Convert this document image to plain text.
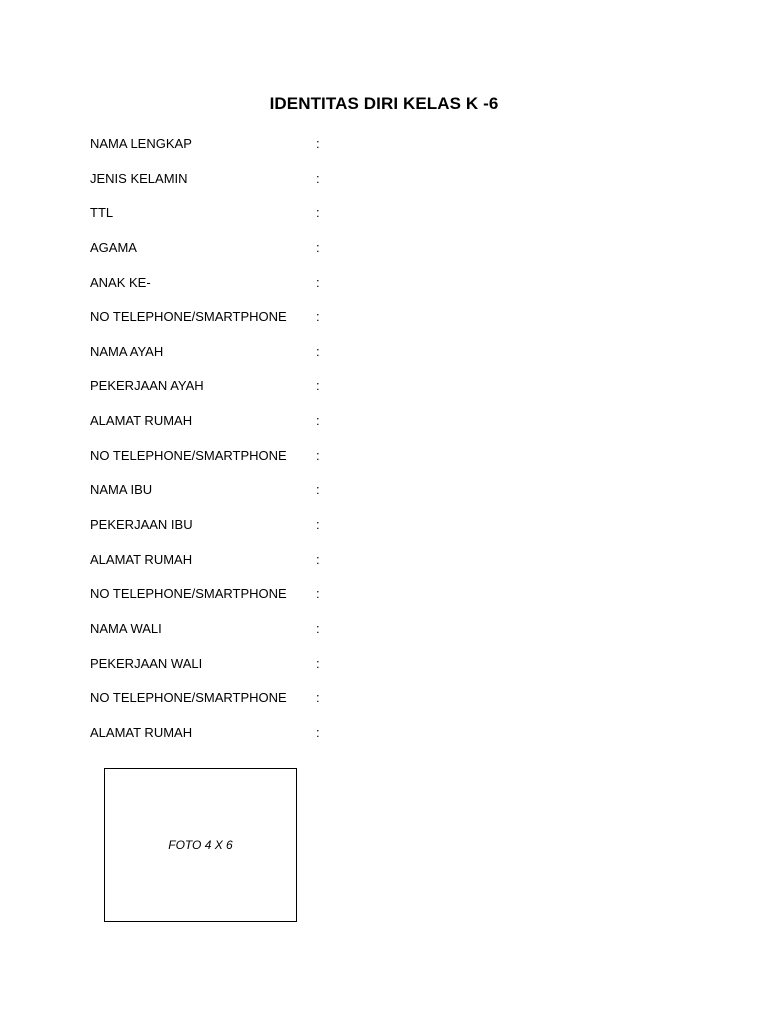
IDENTITAS DIRI KELAS K -6
NAMA LENGKAP	:
JENIS KELAMIN	:
TTL	:
AGAMA	:
ANAK KE-	:
NO TELEPHONE/SMARTPHONE :
NAMA AYAH	:
PEKERJAAN AYAH	:
ALAMAT RUMAH	:
NO TELEPHONE/SMARTPHONE :
NAMA IBU	:
PEKERJAAN IBU	:
ALAMAT RUMAH	:
NO TELEPHONE/SMARTPHONE :
NAMA WALI	:
PEKERJAAN WALI	:
NO TELEPHONE/SMARTPHONE :
ALAMAT RUMAH	:
FOTO 4 X 6
